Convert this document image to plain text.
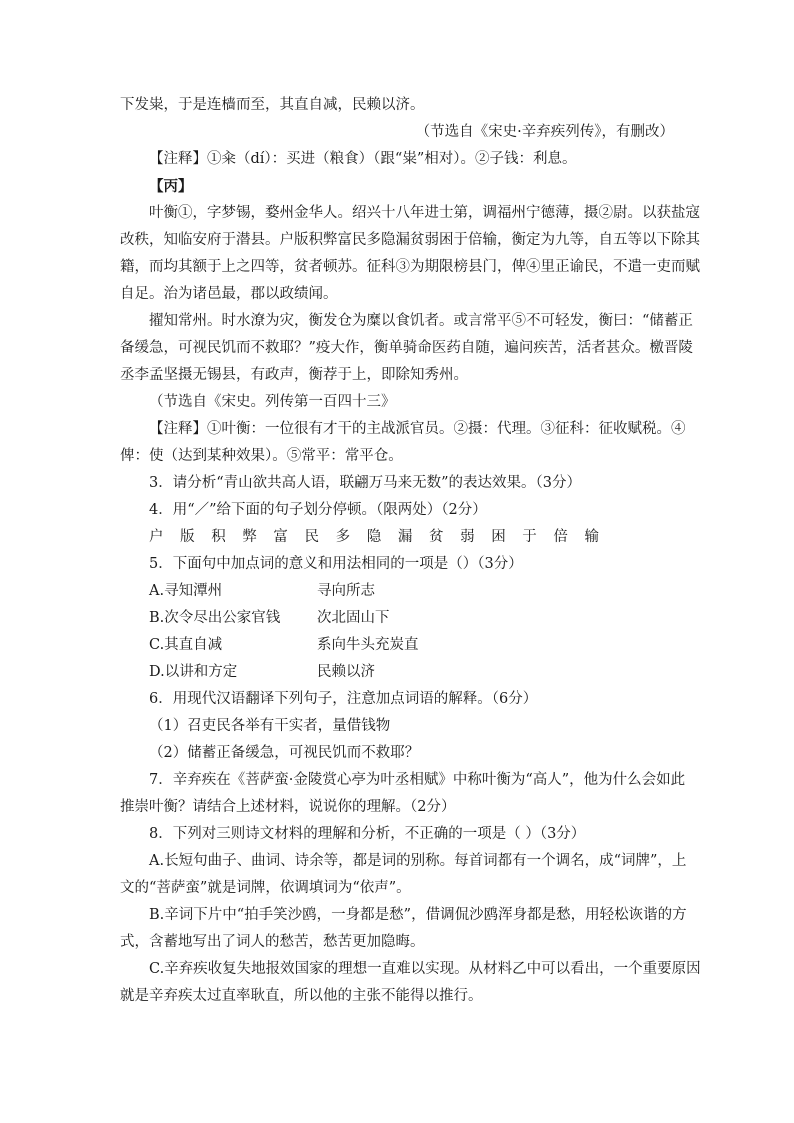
下发粜，于是连樯而至，其直自减，民赖以济。
（节选自《宋史·辛弃疾列传》，有删改）
【注释】①籴（dí）：买进（粮食）（跟“粜”相对）。②子钱：利息。
【丙】
叶衡①，字梦锡，婺州金华人。绍兴十八年进士第，调福州宁德薄，摄②尉。以获盐寇
改秩，知临安府于潜县。户版积弊富民多隐漏贫弱困于倍输，衡定为九等，自五等以下除其
籍，而均其额于上之四等，贫者顿苏。征科③为期限榜县门，俾④里正谕民，不遣一吏而赋
自足。治为诸邑最，郡以政绩闻。
擢知常州。时水潦为灾，衡发仓为糜以食饥者。或言常平⑤不可轻发，衡曰：“储蓄正
备缓急，可视民饥而不救耶？”疫大作，衡单骑命医药自随，遍问疾苦，活者甚众。檄晋陵
丞李孟坚摄无锡县，有政声，衡荐于上，即除知秀州。
（节选自《宋史。列传第一百四十三》
【注释】①叶衡：一位很有才干的主战派官员。②摄：代理。③征科：征收赋税。④
俾：使（达到某种效果）。⑤常平：常平仓。
3．请分析“青山欲共高人语，联翩万马来无数”的表达效果。（3分）
4．用“／”给下面的句子划分停顿。（限两处）（2分）
户 版 积 弊 富 民 多 隐 漏 贫 弱 困 于 倍 输
5．下面句中加点词的意义和用法相同的一项是（）（3分）
A.寻知潭州	寻向所志
B.次令尽出公家官钱	次北固山下
C.其直自减	系向牛头充炭直
D.以讲和方定	民赖以济
6．用现代汉语翻译下列句子，注意加点词语的解释。（6分）
（1）召吏民各举有干实者，量借钱物
（2）储蓄正备缓急，可视民饥而不救耶？
7．辛弃疾在《菩萨蛮·金陵赏心亭为叶丞相赋》中称叶衡为“高人”，他为什么会如此
推崇叶衡？请结合上述材料，说说你的理解。（2分）
8．下列对三则诗文材料的理解和分析，不正确的一项是（ ）（3分）
A.长短句曲子、曲词、诗余等，都是词的别称。每首词都有一个调名，成“词牌”，上
文的“菩萨蛮”就是词牌，依调填词为“依声”。
B.辛词下片中“拍手笑沙鸥，一身都是愁”，借调侃沙鸥浑身都是愁，用轻松诙谐的方
式，含蓄地写出了词人的愁苦，愁苦更加隐晦。
C.辛弃疾收复失地报效国家的理想一直难以实现。从材料乙中可以看出，一个重要原因
就是辛弃疾太过直率耿直，所以他的主张不能得以推行。
